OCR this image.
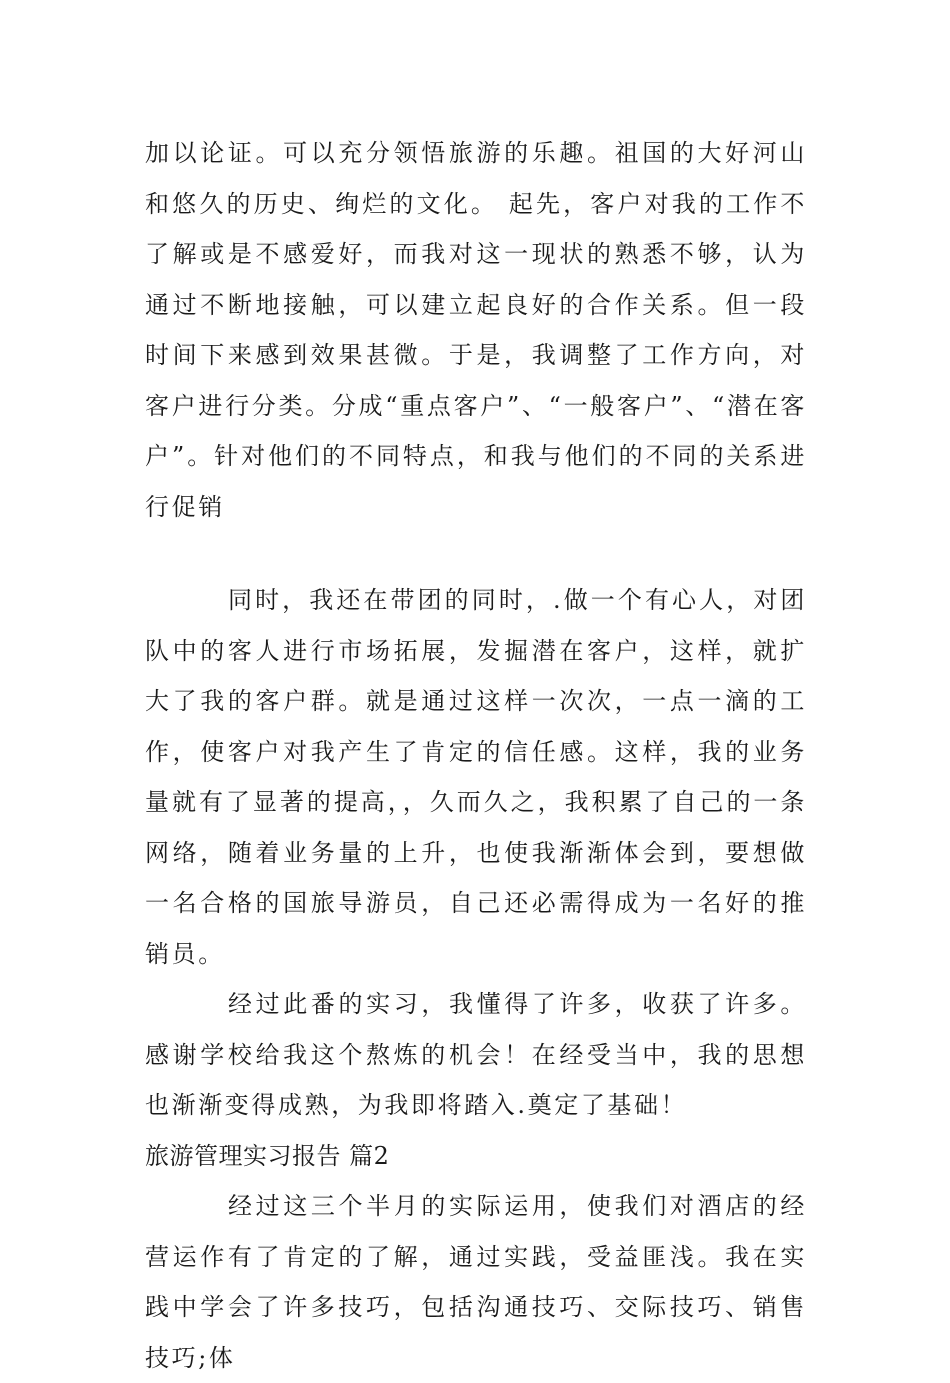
加以论证。可以充分领悟旅游的乐趣。祖国的大好河山和悠久的历史、绚烂的文化。 起先，客户对我的工作不了解或是不感爱好，而我对这一现状的熟悉不够，认为通过不断地接触，可以建立起良好的合作关系。但一段时间下来感到效果甚微。于是，我调整了工作方向，对客户进行分类。分成“重点客户”、“一般客户”、“潜在客户”。针对他们的不同特点，和我与他们的不同的关系进行促销

同时，我还在带团的同时，.做一个有心人，对团队中的客人进行市场拓展，发掘潜在客户，这样，就扩大了我的客户群。就是通过这样一次次，一点一滴的工作，使客户对我产生了肯定的信任感。这样，我的业务量就有了显著的提高，，久而久之，我积累了自己的一条网络，随着业务量的上升，也使我渐渐体会到，要想做一名合格的国旅导游员，自己还必需得成为一名好的推销员。

经过此番的实习，我懂得了许多，收获了许多。感谢学校给我这个熬炼的机会！在经受当中，我的思想也渐渐变得成熟，为我即将踏入.奠定了基础！

旅游管理实习报告 篇2

经过这三个半月的实际运用，使我们对酒店的经营运作有了肯定的了解，通过实践，受益匪浅。我在实践中学会了许多技巧，包括沟通技巧、交际技巧、销售技巧;体
